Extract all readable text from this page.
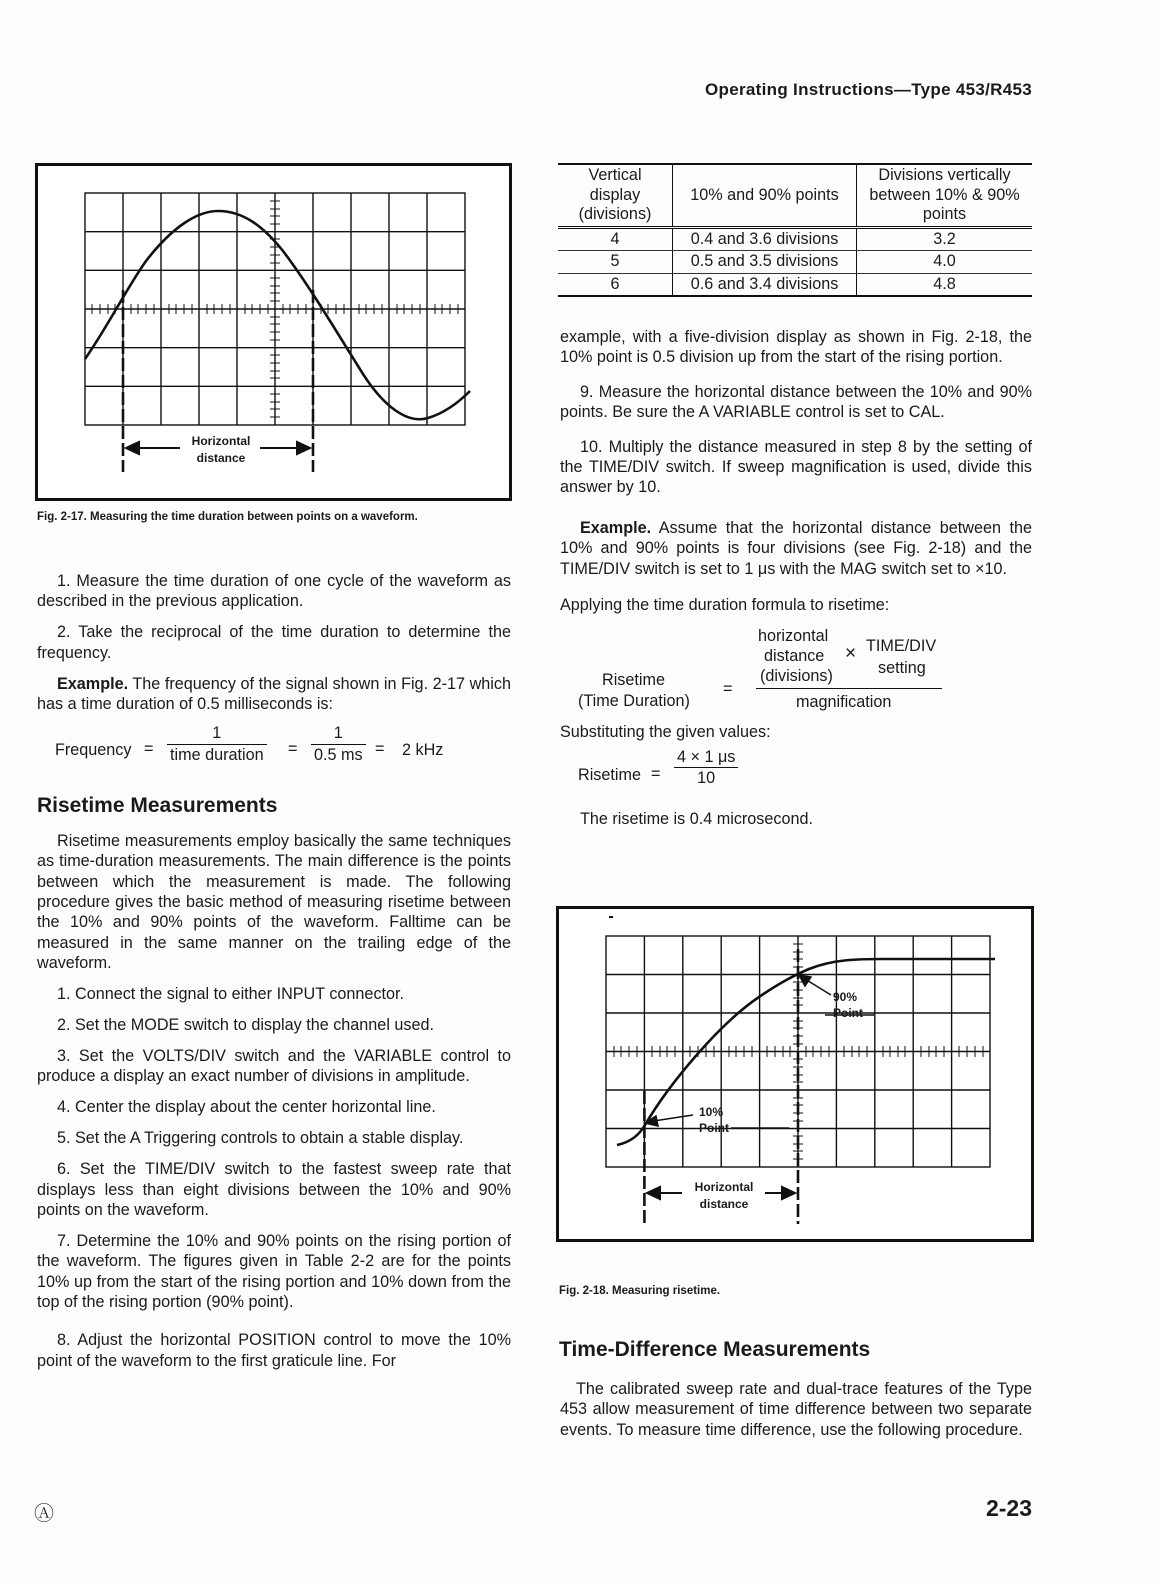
Operating Instructions—Type 453/R453
Horizontal
distance
Fig. 2-17. Measuring the time duration between points on a waveform.

1. Measure the time duration of one cycle of the waveform as described in the previous application.

2. Take the reciprocal of the time duration to determine the frequency.

Example. The frequency of the signal shown in Fig. 2-17 which has a time duration of 0.5 milliseconds is:

Frequency =
1
time duration = $\frac{1}{0.5 ms} = 2$ kHz
Risetime Measurements

Risetime measurements employ basically the same techniques as time-duration measurements. The main difference is the points between which the measurement is made. The following procedure gives the basic method of measuring risetime between the 10% and 90% points of the waveform. Falltime can be measured in the same manner on the trailing edge of the waveform.

1. Connect the signal to either INPUT connector.

2. Set the MODE switch to display the channel used.

3. Set the VOLTS/DIV switch and the VARIABLE control to produce a display an exact number of divisions in amplitude.

4. Center the display about the center horizontal line.

5. Set the A Triggering controls to obtain a stable display.

6. Set the TIME/DIV switch to the fastest sweep rate that displays less than eight divisions between the 10% and 90% points on the waveform.

7. Determine the 10% and 90% points on the rising portion of the waveform. The figures given in Table 2-2 are for the points 10% up from the start of the rising portion and 10% down from the top of the rising portion (90% point).

8. Adjust the horizontal POSITION control to move the 10% point of the waveform to the first graticule line. For

Vertical display (divisions)	10% and 90% points	Divisions vertically between 10% & 90% points
4	0.4 and 3.6 divisions	3.2
5	0.5 and 3.5 divisions	4.0
6	0.6 and 3.4 divisions	4.8

example, with a five-division display as shown in Fig. 2-18, the 10% point is 0.5 division up from the start of the rising portion.

9. Measure the horizontal distance between the 10% and 90% points. Be sure the A VARIABLE control is set to CAL.

10. Multiply the distance measured in step 8 by the setting of the TIME/DIV switch. If sweep magnification is used, divide this answer by 10.

Example. Assume that the horizontal distance between the 10% and 90% points is four divisions (see Fig. 2-18) and the TIME/DIV switch is set to 1 μs with the MAG switch set to ×10.

Applying the time duration formula to risetime:

Risetime
(Time Duration)
=
horizontal
distance
(divisions)
× TIME/DIV
setting
magnification

Substituting the given values:

Risetime = $\frac{4 \times 1 \mu s}{10}$

The risetime is 0.4 microsecond.

90%
Point
10%
Point
Horizontal
distance
Fig. 2-18. Measuring risetime.
Time-Difference Measurements

The calibrated sweep rate and dual-trace features of the Type 453 allow measurement of time difference between two separate events. To measure time difference, use the following procedure.

Ⓐ	2-23
